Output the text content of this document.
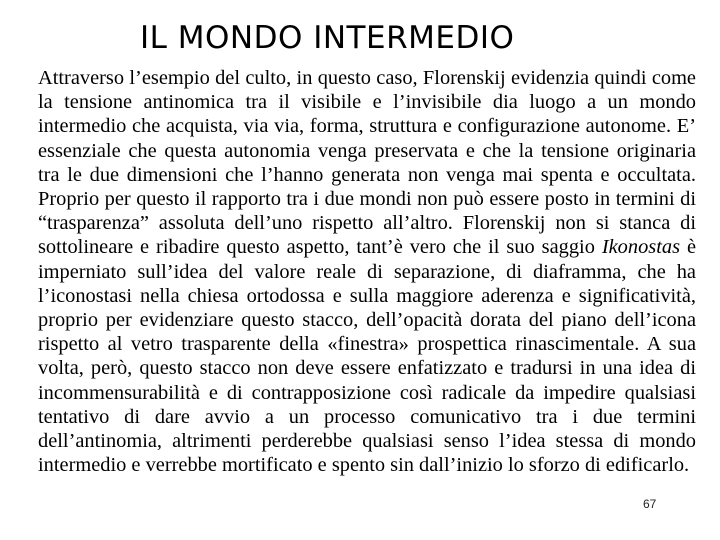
IL MONDO INTERMEDIO

Attraverso l’esempio del culto, in questo caso, Florenskij evidenzia quindi come la tensione antinomica tra il visibile e l’invisibile dia luogo a un mondo intermedio che acquista, via via, forma, struttura e configurazione autonome. E’ essenziale che questa autonomia venga preservata e che la tensione originaria tra le due dimensioni che l’hanno generata non venga mai spenta e occultata. Proprio per questo il rapporto tra i due mondi non può essere posto in termini di “trasparenza” assoluta dell’uno rispetto all’altro. Florenskij non si stanca di sottolineare e ribadire questo aspetto, tant’è vero che il suo saggio Ikonostas è imperniato sull’idea del valore reale di separazione, di diaframma, che ha l’iconostasi nella chiesa ortodossa e sulla maggiore aderenza e significatività, proprio per evidenziare questo stacco, dell’opacità dorata del piano dell’icona rispetto al vetro trasparente della «finestra» prospettica rinascimentale. A sua volta, però, questo stacco non deve essere enfatizzato e tradursi in una idea di incommensurabilità e di contrapposizione così radicale da impedire qualsiasi tentativo di dare avvio a un processo comunicativo tra i due termini dell’antinomia, altrimenti perderebbe qualsiasi senso l’idea stessa di mondo intermedio e verrebbe mortificato e spento sin dall’inizio lo sforzo di edificarlo.

67
